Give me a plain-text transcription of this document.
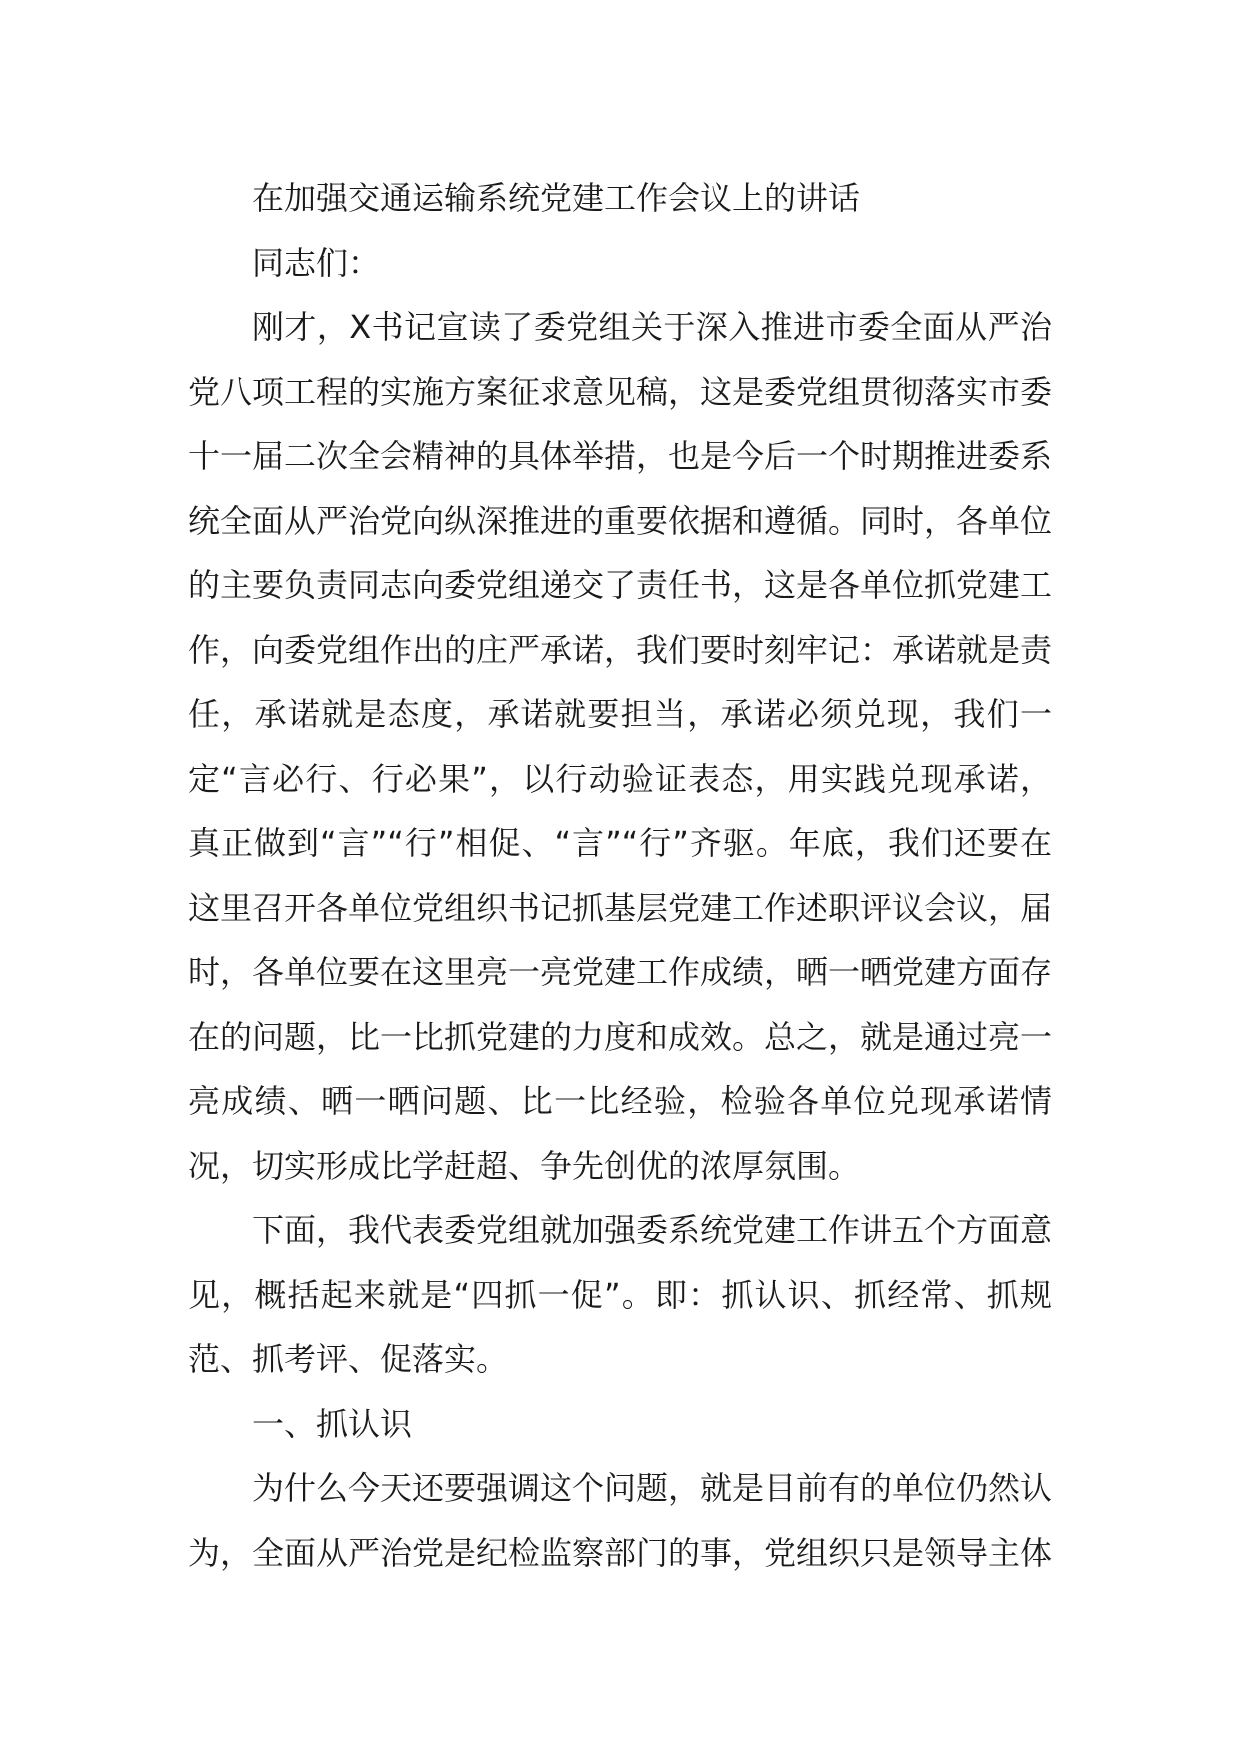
在加强交通运输系统党建工作会议上的讲话

同志们：

刚才，X书记宣读了委党组关于深入推进市委全面从严治党八项工程的实施方案征求意见稿，这是委党组贯彻落实市委十一届二次全会精神的具体举措，也是今后一个时期推进委系统全面从严治党向纵深推进的重要依据和遵循。同时，各单位的主要负责同志向委党组递交了责任书，这是各单位抓党建工作，向委党组作出的庄严承诺，我们要时刻牢记：承诺就是责任，承诺就是态度，承诺就要担当，承诺必须兑现，我们一定“言必行、行必果”，以行动验证表态，用实践兑现承诺，真正做到“言”“行”相促、“言”“行”齐驱。年底，我们还要在这里召开各单位党组织书记抓基层党建工作述职评议会议，届时，各单位要在这里亮一亮党建工作成绩，晒一晒党建方面存在的问题，比一比抓党建的力度和成效。总之，就是通过亮一亮成绩、晒一晒问题、比一比经验，检验各单位兑现承诺情况，切实形成比学赶超、争先创优的浓厚氛围。

下面，我代表委党组就加强委系统党建工作讲五个方面意见，概括起来就是“四抓一促”。即：抓认识、抓经常、抓规范、抓考评、促落实。

一、抓认识

为什么今天还要强调这个问题，就是目前有的单位仍然认为，全面从严治党是纪检监察部门的事，党组织只是领导主体
